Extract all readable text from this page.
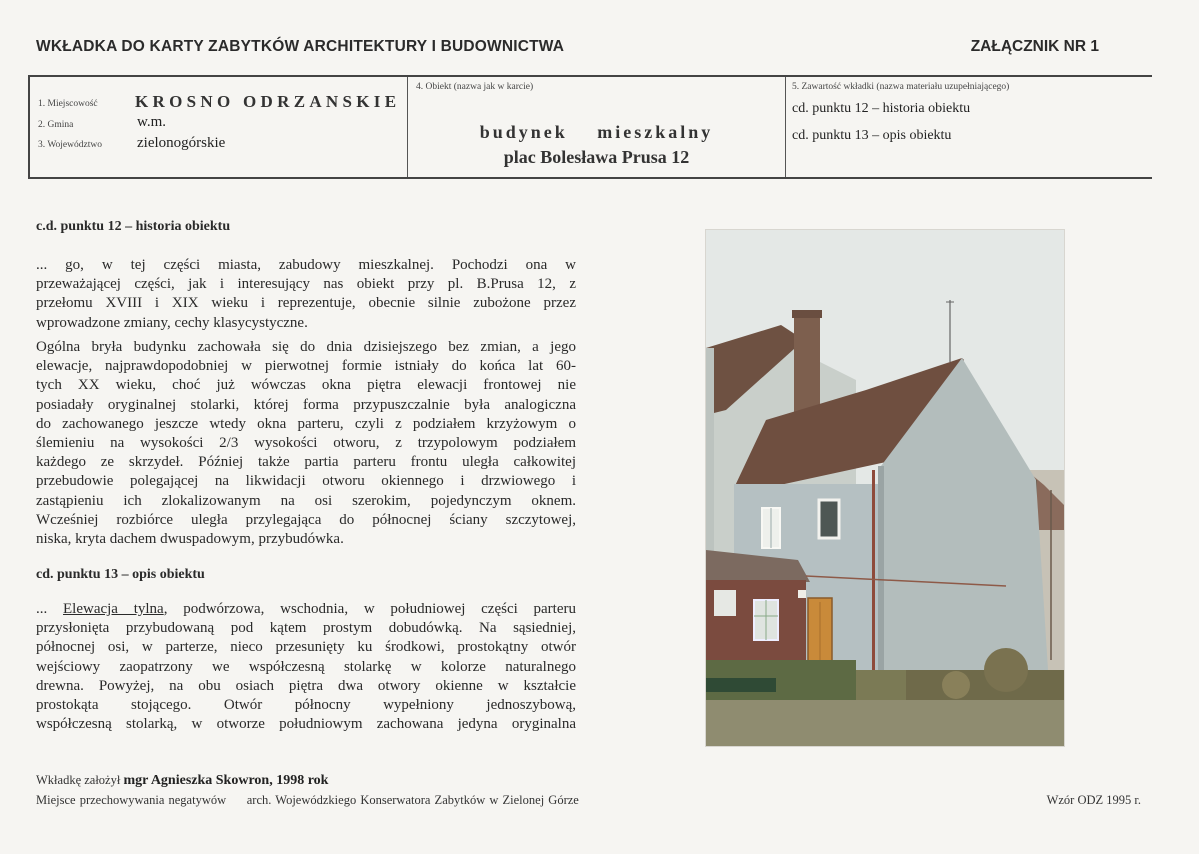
WKŁADKA DO KARTY ZABYTKÓW ARCHITEKTURY I BUDOWNICTWA	ZAŁĄCZNIK NR 1
1. Miejscowość
2. Gmina
3. Województwo
KROSNO ODRZANSKIE
w.m.
zielonogórskie
4. Obiekt (nazwa jak w karcie)
budynek mieszkalny
plac Bolesława Prusa 12
5. Zawartość wkładki (nazwa materiału uzupełniającego)
cd. punktu 12 – historia obiektu
cd. punktu 13 – opis obiektu
c.d. punktu 12 – historia obiektu
... go, w tej części miasta, zabudowy mieszkalnej. Pochodzi ona w
przeważającej części, jak i interesujący nas obiekt przy pl. B.Prusa 12, z
przełomu XVIII i XIX wieku i reprezentuje, obecnie silnie zubożone przez
wprowadzone zmiany, cechy klasycystyczne.
Ogólna bryła budynku zachowała się do dnia dzisiejszego bez zmian, a jego
elewacje, najprawdopodobniej w pierwotnej formie istniały do końca lat 60-
tych XX wieku, choć już wówczas okna piętra elewacji frontowej nie
posiadały oryginalnej stolarki, której forma przypuszczalnie była analogiczna
do zachowanego jeszcze wtedy okna parteru, czyli z podziałem krzyżowym o
ślemieniu na wysokości 2/3 wysokości otworu, z trzypolowym podziałem
każdego ze skrzydeł. Później także partia parteru frontu uległa całkowitej
przebudowie polegającej na likwidacji otworu okiennego i drzwiowego i
zastąpieniu ich zlokalizowanym na osi szerokim, pojedynczym oknem.
Wcześniej rozbiórce uległa przylegająca do północnej ściany szczytowej,
niska, kryta dachem dwuspadowym, przybudówka.
cd. punktu 13 – opis obiektu
... Elewacja tylna, podwórzowa, wschodnia, w południowej części parteru
przysłonięta przybudowaną pod kątem prostym dobudówką. Na sąsiedniej,
północnej osi, w parterze, nieco przesunięty ku środkowi, prostokątny otwór
wejściowy zaopatrzony we współczesną stolarkę w kolorze naturalnego
drewna. Powyżej, na obu osiach piętra dwa otwory okienne w kształcie
prostokąta stojącego. Otwór północny wypełniony jednoszybową,
współczesną stolarką, w otworze południowym zachowana jedyna oryginalna
Wkładkę założył mgr Agnieszka Skowron, 1998 rok
Miejsce przechowywania negatywów arch. Wojewódzkiego Konserwatora Zabytków w Zielonej Górze	Wzór ODZ 1995 r.
